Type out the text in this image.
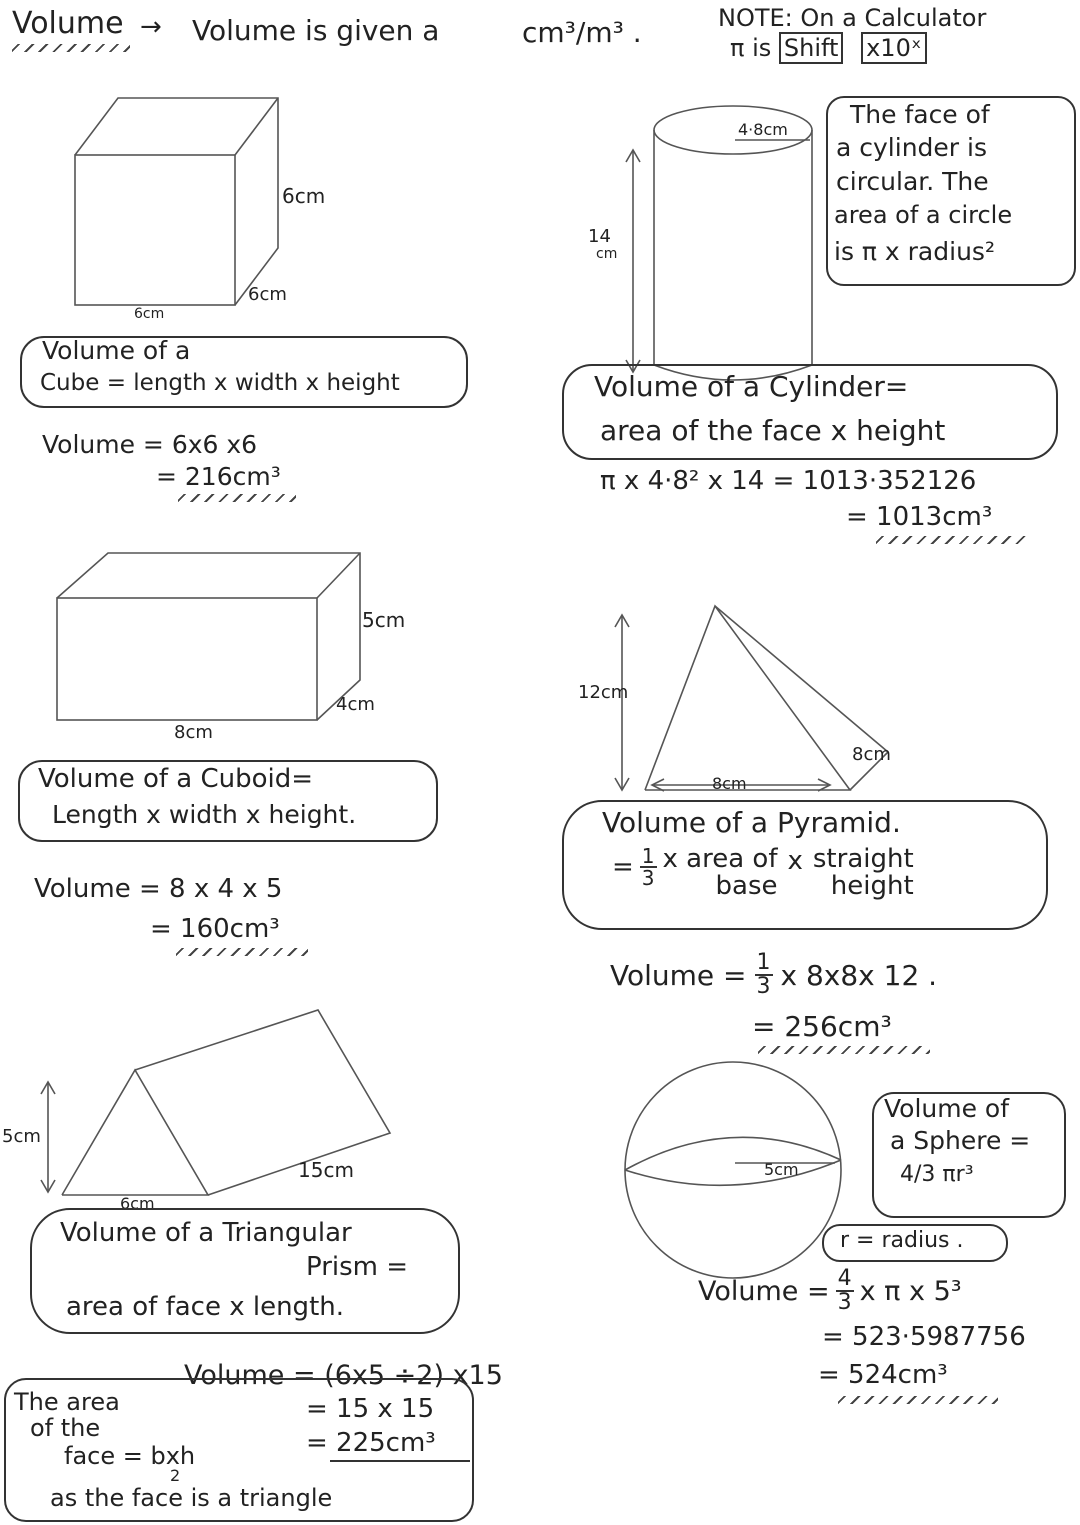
Volume → Volume is given a	cm³/m³ .	NOTE: On a Calculator
π is Shift x10ˣ
6cm
6cm
6cm
Volume of a
Cube = length x width x height
Volume = 6x6 x6
= 216cm³
4·8cm
14
cm
The face of
a cylinder is
circular. The
area of a circle
is π x radius²
Volume of a Cylinder=
area of the face x height
π x 4·8² x 14 = 1013·352126
= 1013cm³
5cm
4cm
8cm
Volume of a Cuboid=
Length x width x height.
Volume = 8 x 4 x 5
= 160cm³
12cm
8cm
8cm
Volume of a Pyramid.
= $\frac{1}{3}$ x area of
base
x straight
height
Volume = $\frac{1}{3}$ x 8x8x 12 .
= 256cm³
5cm
15cm
6cm
Volume of a Triangular
Prism =
area of face x length.
Volume = (6x5 ÷2) x15
= 15 x 15
= 225cm³
The area
of the
face = bxh
2
as the face is a triangle
5cm
Volume of
a Sphere =
4/3 πr³
r = radius .
Volume = $\frac{4}{3}$ x π x 5³
= 523·5987756
= 524cm³
